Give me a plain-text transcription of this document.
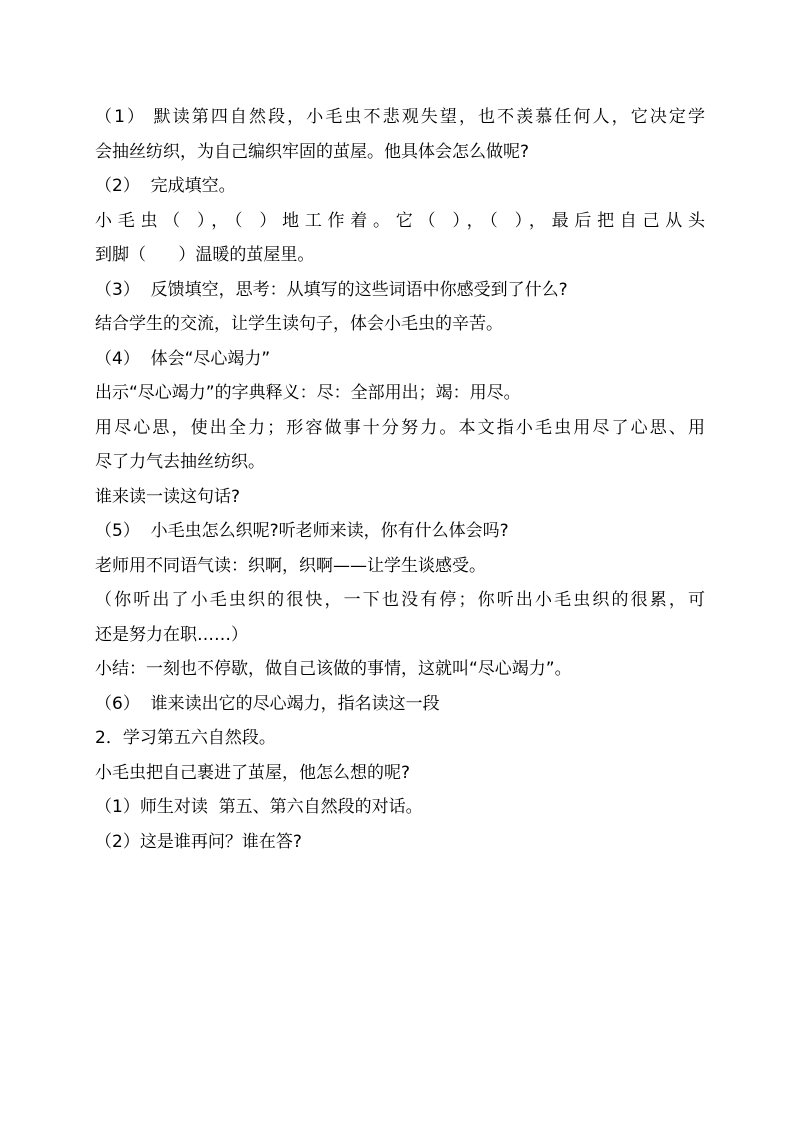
（1） 默读第四自然段，小毛虫不悲观失望，也不羡慕任何人，它决定学
会抽丝纺织，为自己编织牢固的茧屋。他具体会怎么做呢?
（2）  完成填空。
小毛虫（ ），（ ）地工作着。它（ ），（ ），最后把自己从头
到脚（      ）温暖的茧屋里。
（3）  反馈填空，思考：从填写的这些词语中你感受到了什么?
结合学生的交流，让学生读句子，体会小毛虫的辛苦。
（4）  体会“尽心竭力”
出示“尽心竭力”的字典释义：尽：全部用出；竭：用尽。
用尽心思，使出全力；形容做事十分努力。本文指小毛虫用尽了心思、用
尽了力气去抽丝纺织。
谁来读一读这句话?
（5）  小毛虫怎么织呢?听老师来读，你有什么体会吗?
老师用不同语气读：织啊，织啊——让学生谈感受。
（你听出了小毛虫织的很快，一下也没有停；你听出小毛虫织的很累，可
还是努力在职……）
小结：一刻也不停歇，做自己该做的事情，这就叫“尽心竭力”。
（6）  谁来读出它的尽心竭力，指名读这一段
2．学习第五六自然段。
小毛虫把自己裹进了茧屋，他怎么想的呢?
（1）师生对读  第五、第六自然段的对话。
（2）这是谁再问？谁在答?
